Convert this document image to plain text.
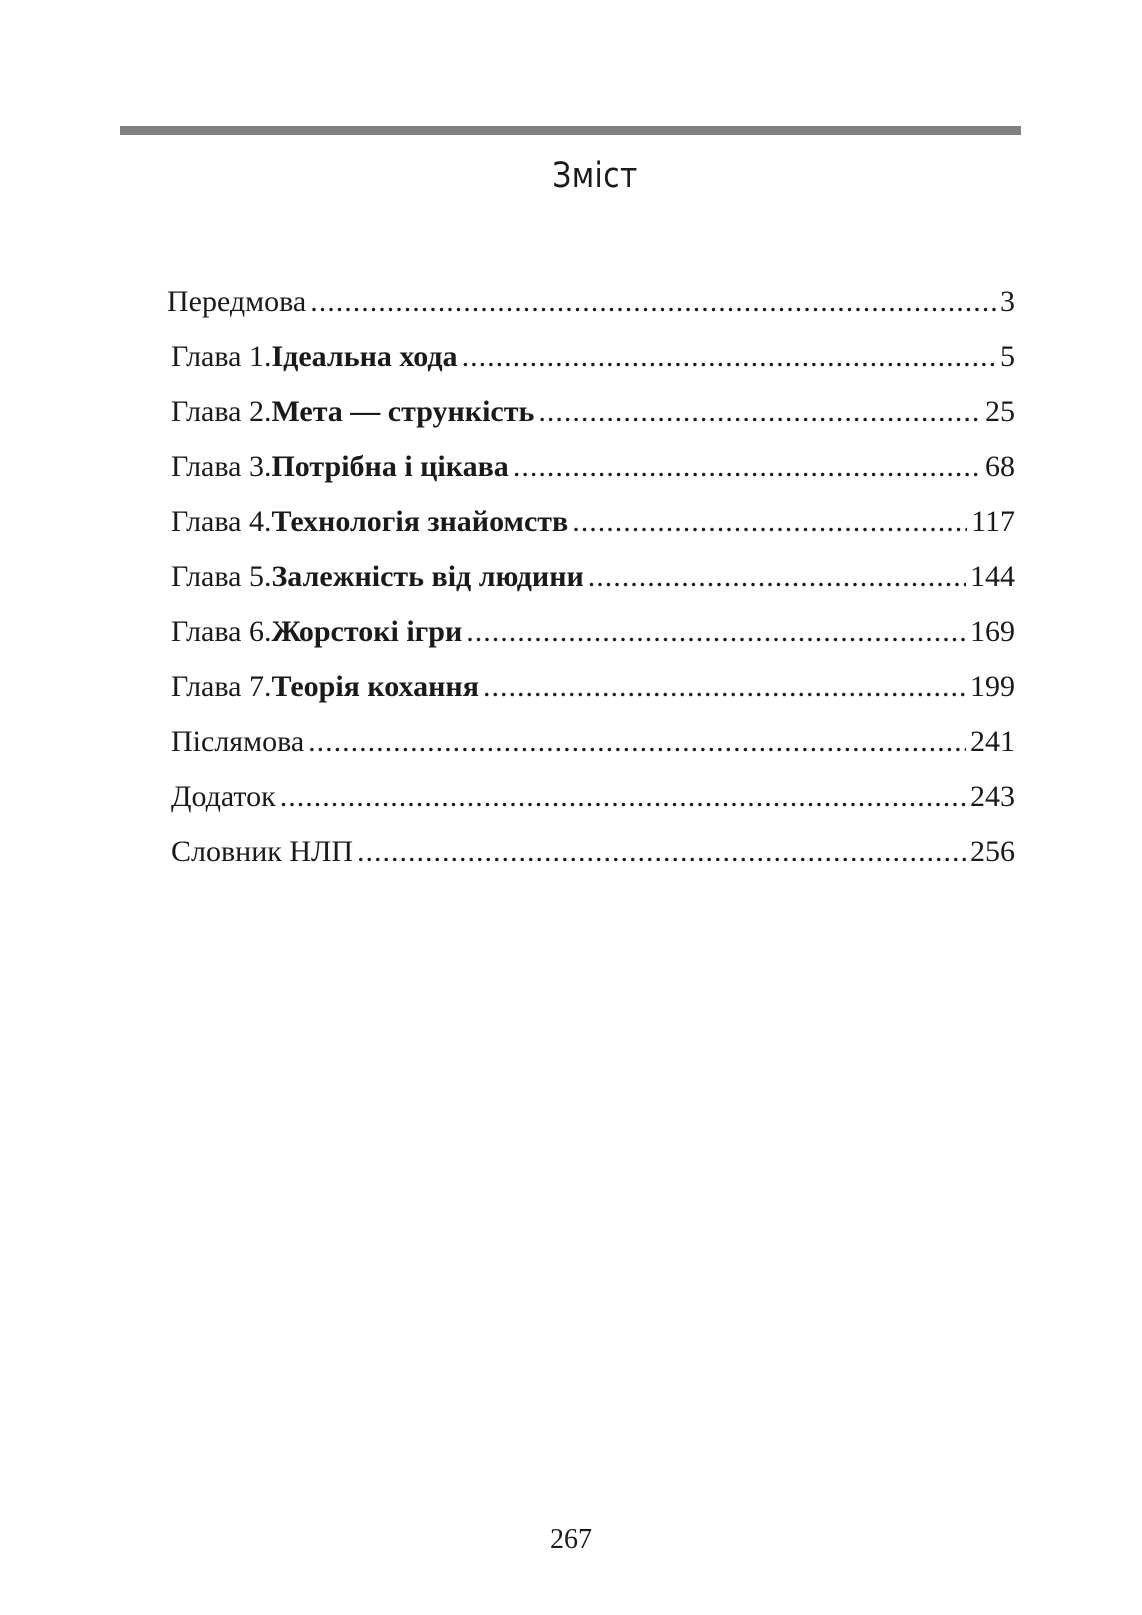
Зміст
Передмова .....	3
Глава 1. Ідеальна хода .....	5
Глава 2. Мета — стрункість .....	25
Глава 3. Потрібна і цікава .....	68
Глава 4. Технологія знайомств .....	117
Глава 5. Залежність від людини .....	144
Глава 6. Жорстокі ігри .....	169
Глава 7. Теорія кохання .....	199
Післямова .....	241
Додаток .....	243
Словник НЛП .....	256
267
